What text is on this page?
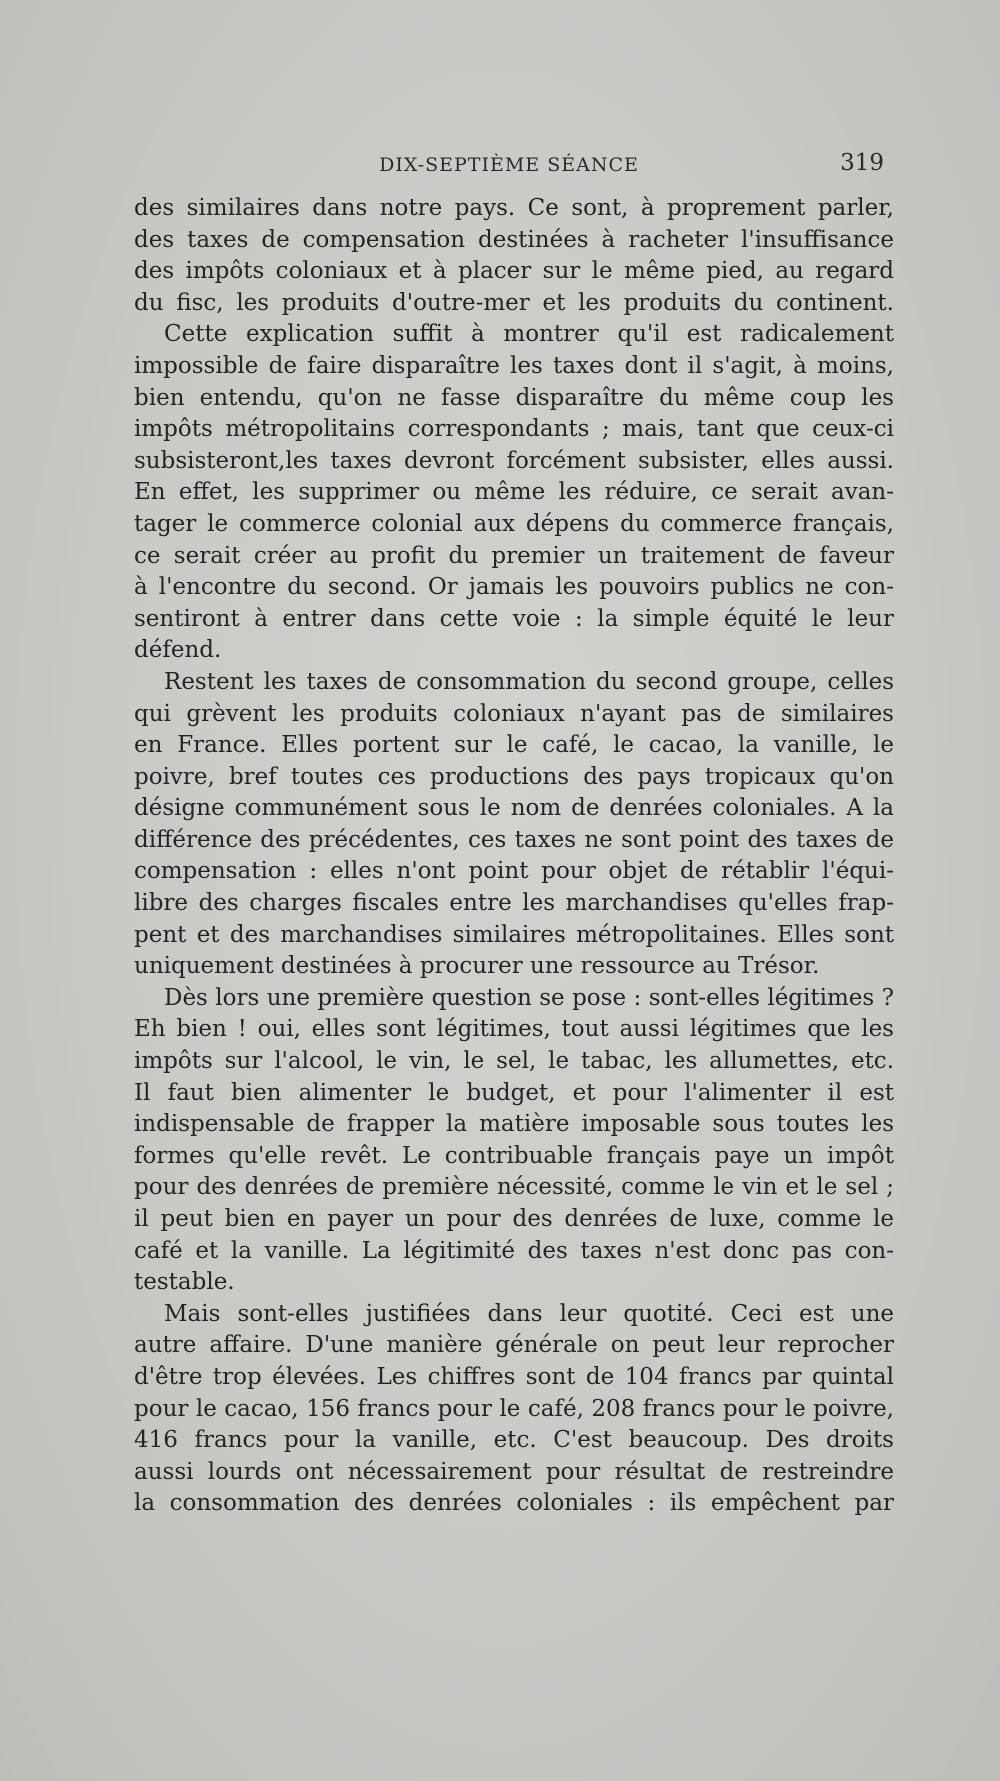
DIX-SEPTIÈME SÉANCE	319
des similaires dans notre pays. Ce sont, à proprement parler,
des taxes de compensation destinées à racheter l'insuffisance
des impôts coloniaux et à placer sur le même pied, au regard
du fisc, les produits d'outre-mer et les produits du continent.
Cette explication suffit à montrer qu'il est radicalement
impossible de faire disparaître les taxes dont il s'agit, à moins,
bien entendu, qu'on ne fasse disparaître du même coup les
impôts métropolitains correspondants ; mais, tant que ceux-ci
subsisteront,les taxes devront forcément subsister, elles aussi.
En effet, les supprimer ou même les réduire, ce serait avan-
tager le commerce colonial aux dépens du commerce français,
ce serait créer au profit du premier un traitement de faveur
à l'encontre du second. Or jamais les pouvoirs publics ne con-
sentiront à entrer dans cette voie : la simple équité le leur
défend.
Restent les taxes de consommation du second groupe, celles
qui grèvent les produits coloniaux n'ayant pas de similaires
en France. Elles portent sur le café, le cacao, la vanille, le
poivre, bref toutes ces productions des pays tropicaux qu'on
désigne communément sous le nom de denrées coloniales. A la
différence des précédentes, ces taxes ne sont point des taxes de
compensation : elles n'ont point pour objet de rétablir l'équi-
libre des charges fiscales entre les marchandises qu'elles frap-
pent et des marchandises similaires métropolitaines. Elles sont
uniquement destinées à procurer une ressource au Trésor.
Dès lors une première question se pose : sont-elles légitimes ?
Eh bien ! oui, elles sont légitimes, tout aussi légitimes que les
impôts sur l'alcool, le vin, le sel, le tabac, les allumettes, etc.
Il faut bien alimenter le budget, et pour l'alimenter il est
indispensable de frapper la matière imposable sous toutes les
formes qu'elle revêt. Le contribuable français paye un impôt
pour des denrées de première nécessité, comme le vin et le sel ;
il peut bien en payer un pour des denrées de luxe, comme le
café et la vanille. La légitimité des taxes n'est donc pas con-
testable.
Mais sont-elles justifiées dans leur quotité. Ceci est une
autre affaire. D'une manière générale on peut leur reprocher
d'être trop élevées. Les chiffres sont de 104 francs par quintal
pour le cacao, 156 francs pour le café, 208 francs pour le poivre,
416 francs pour la vanille, etc. C'est beaucoup. Des droits
aussi lourds ont nécessairement pour résultat de restreindre
la consommation des denrées coloniales : ils empêchent par
